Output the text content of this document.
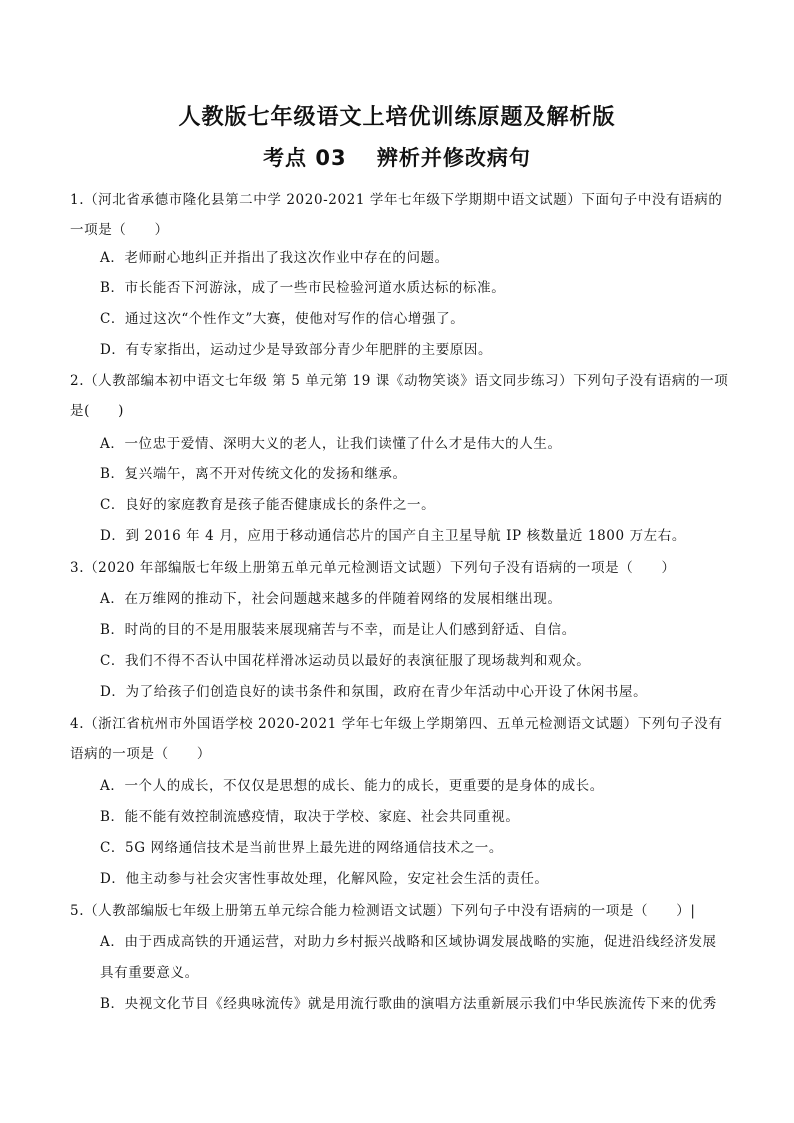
人教版七年级语文上培优训练原题及解析版
考点 03　 辨析并修改病句
1.（河北省承德市隆化县第二中学 2020-2021 学年七年级下学期期中语文试题）下面句子中没有语病的一项是（　　）
A．老师耐心地纠正并指出了我这次作业中存在的问题。
B．市长能否下河游泳，成了一些市民检验河道水质达标的标准。
C．通过这次“个性作文”大赛，使他对写作的信心增强了。
D．有专家指出，运动过少是导致部分青少年肥胖的主要原因。
2.（人教部编本初中语文七年级 第 5 单元第 19 课《动物笑谈》语文同步练习）下列句子没有语病的一项是(　　)
A．一位忠于爱情、深明大义的老人，让我们读懂了什么才是伟大的人生。
B．复兴端午，离不开对传统文化的发扬和继承。
C．良好的家庭教育是孩子能否健康成长的条件之一。
D．到 2016 年 4 月，应用于移动通信芯片的国产自主卫星导航 IP 核数量近 1800 万左右。
3.（2020 年部编版七年级上册第五单元单元检测语文试题）下列句子没有语病的一项是（　　）
A．在万维网的推动下，社会问题越来越多的伴随着网络的发展相继出现。
B．时尚的目的不是用服装来展现痛苦与不幸，而是让人们感到舒适、自信。
C．我们不得不否认中国花样滑冰运动员以最好的表演征服了现场裁判和观众。
D．为了给孩子们创造良好的读书条件和氛围，政府在青少年活动中心开设了休闲书屋。
4.（浙江省杭州市外国语学校 2020-2021 学年七年级上学期第四、五单元检测语文试题）下列句子没有语病的一项是（　　）
A．一个人的成长，不仅仅是思想的成长、能力的成长，更重要的是身体的成长。
B．能不能有效控制流感疫情，取决于学校、家庭、社会共同重视。
C．5G 网络通信技术是当前世界上最先进的网络通信技术之一。
D．他主动参与社会灾害性事故处理，化解风险，安定社会生活的责任。
5.（人教部编版七年级上册第五单元综合能力检测语文试题）下列句子中没有语病的一项是（　　）|
A．由于西成高铁的开通运营，对助力乡村振兴战略和区域协调发展战略的实施，促进沿线经济发展具有重要意义。
B．央视文化节目《经典咏流传》就是用流行歌曲的演唱方法重新展示我们中华民族流传下来的优秀
